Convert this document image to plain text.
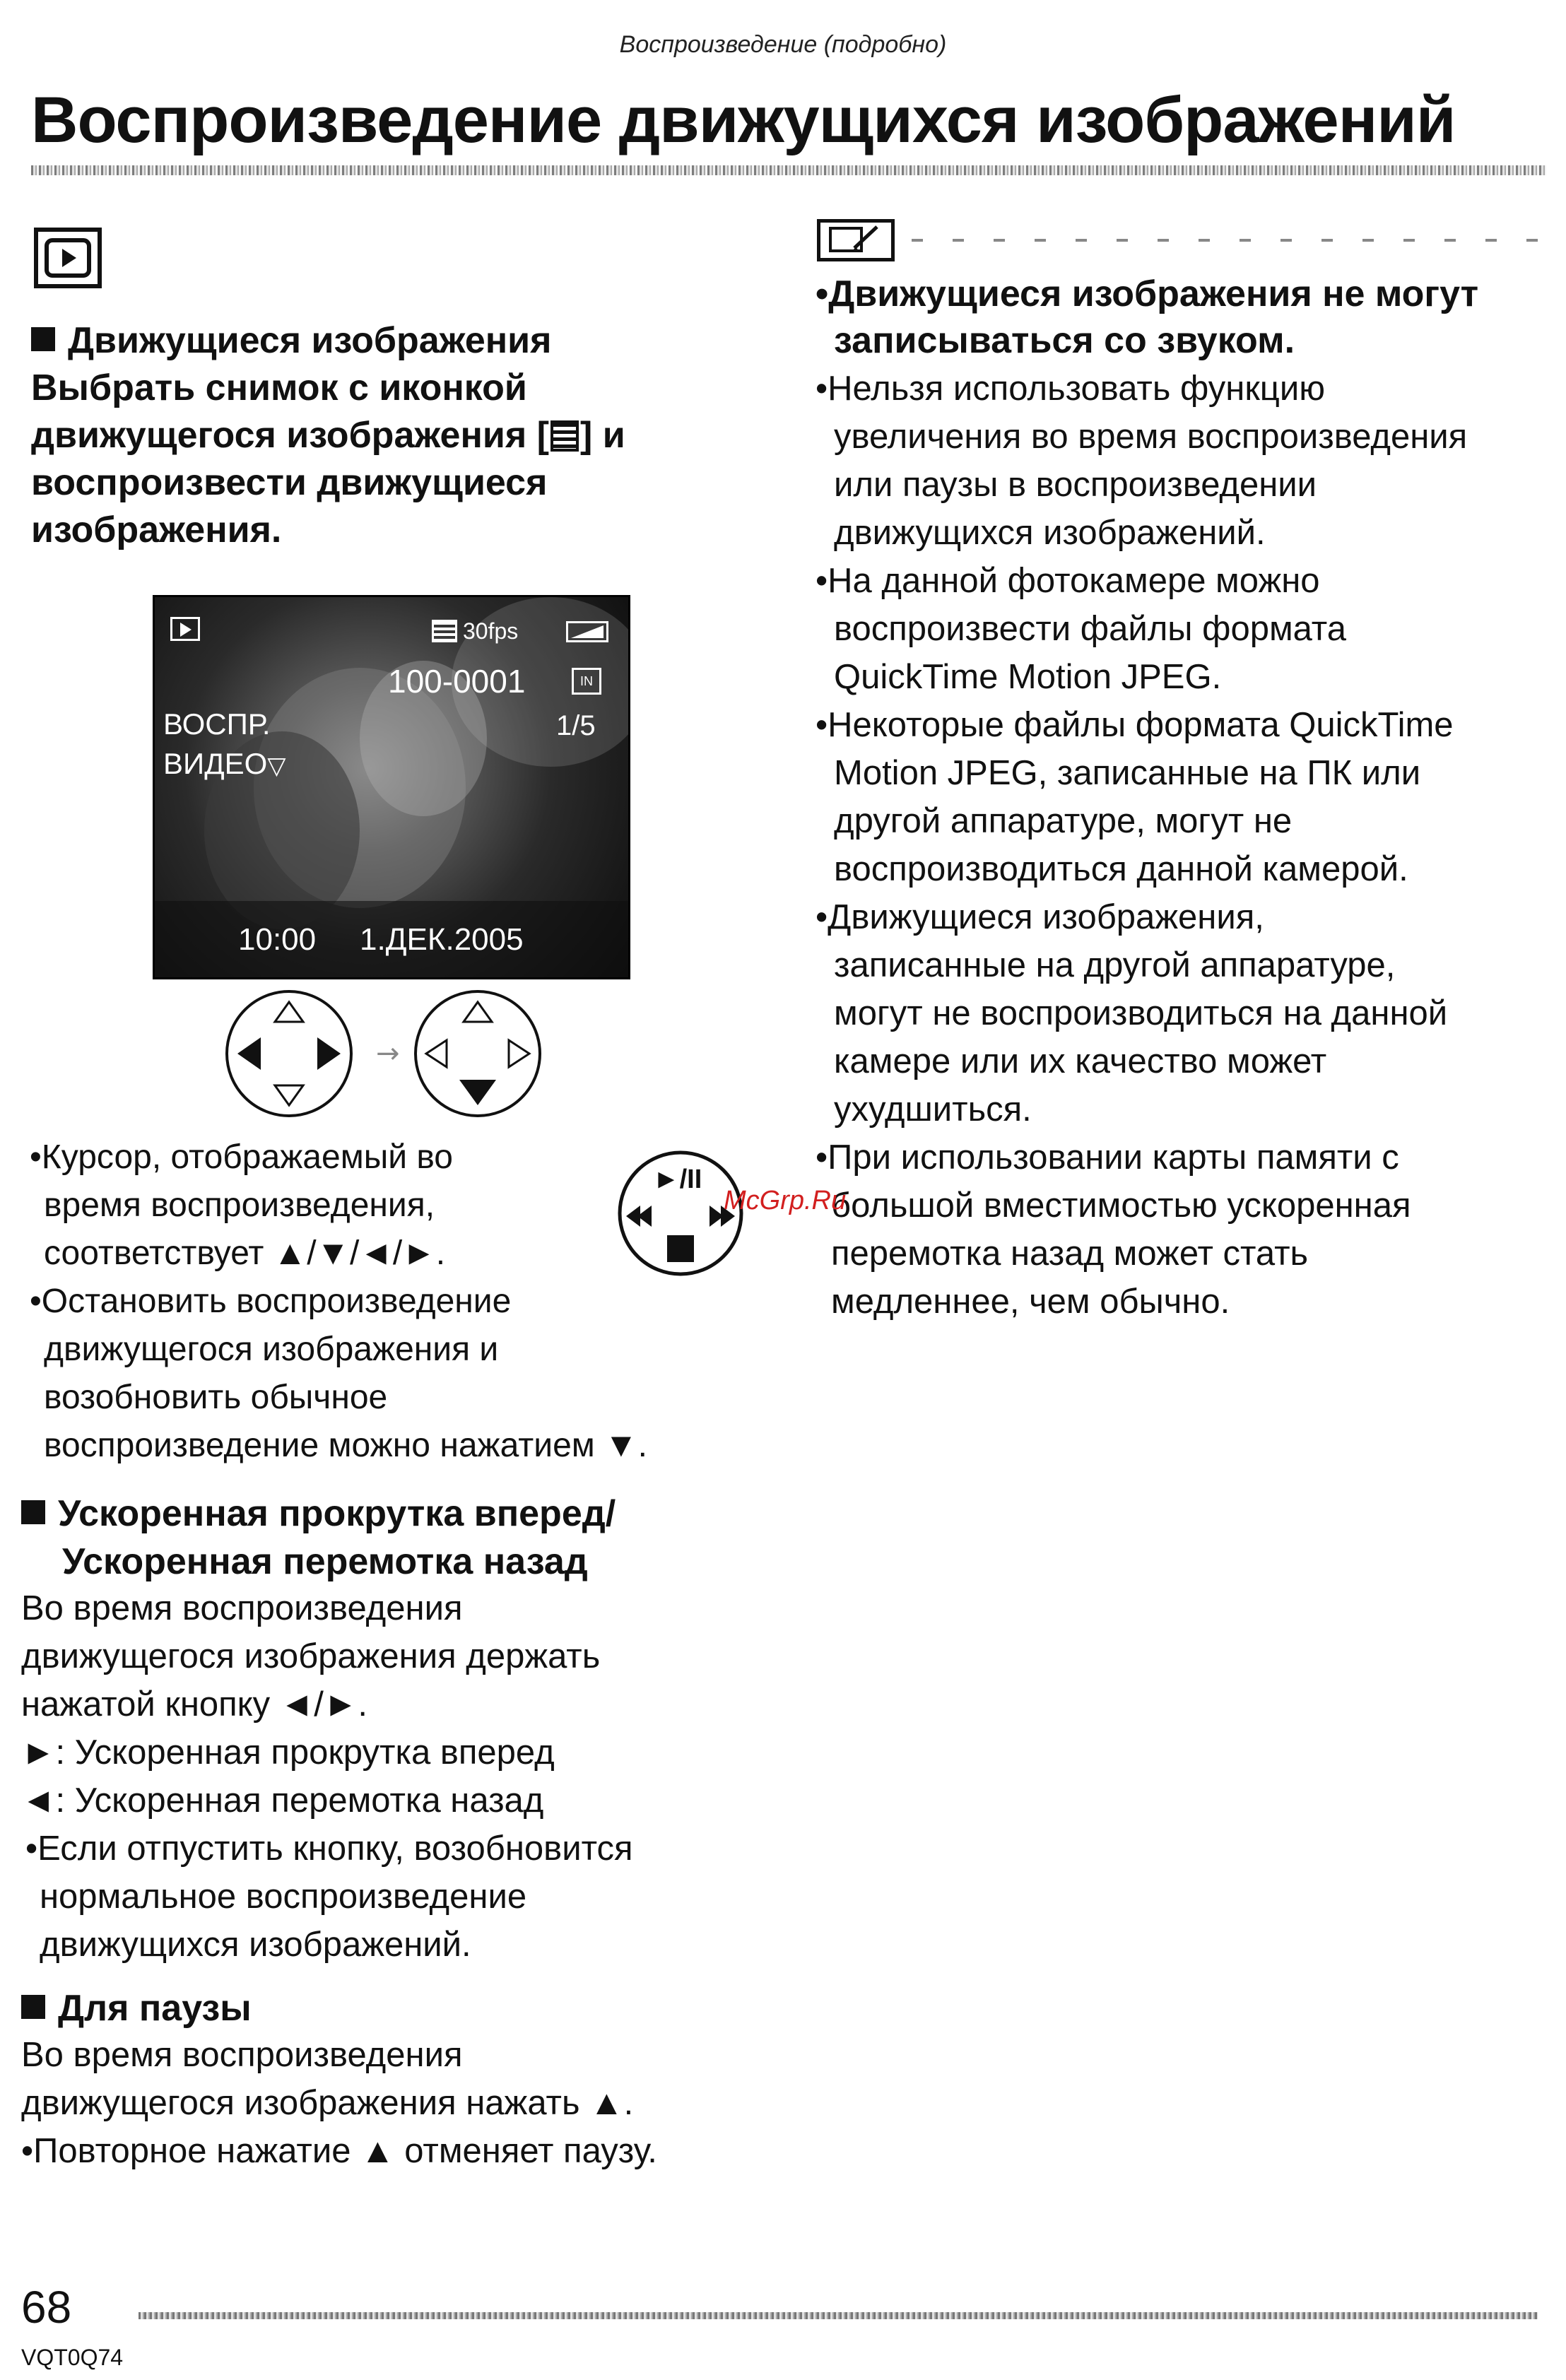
Воспроизведение (подробно)
Воспроизведение движущихся изображений
Движущиеся изображения
Выбрать снимок с иконкой
движущегося изображения [ ] и
воспроизвести движущиеся
изображения.
30fps
100-0001	IN
ВОСПР.	1/5
ВИДЕО▽
10:00 1.ДЕК.2005
→
•Курсор, отображаемый во
время воспроизведения,
соответствует ▲/▼/◄/►.
•Остановить воспроизведение
движущегося изображения и
возобновить обычное
воспроизведение можно нажатием ▼.
►/II
Ускоренная прокрутка вперед/
Ускоренная перемотка назад
Во время воспроизведения
движущегося изображения держать
нажатой кнопку ◄/►.
►: Ускоренная прокрутка вперед
◄: Ускоренная перемотка назад
•Если отпустить кнопку, возобновится
нормальное воспроизведение
движущихся изображений.
Для паузы
Во время воспроизведения
движущегося изображения нажать ▲.
•Повторное нажатие ▲ отменяет паузу.
•Движущиеся изображения не могут
записываться со звуком.
•Нельзя использовать функцию
увеличения во время воспроизведения
или паузы в воспроизведении
движущихся изображений.
•На данной фотокамере можно
воспроизвести файлы формата
QuickTime Motion JPEG.
•Некоторые файлы формата QuickTime
Motion JPEG, записанные на ПК или
другой аппаратуре, могут не
воспроизводиться данной камерой.
•Движущиеся изображения,
записанные на другой аппаратуре,
могут не воспроизводиться на данной
камере или их качество может
ухудшиться.
•При использовании карты памяти с
большой вместимостью ускоренная
перемотка назад может стать
медленнее, чем обычно.
McGrp.Ru
68
VQT0Q74
